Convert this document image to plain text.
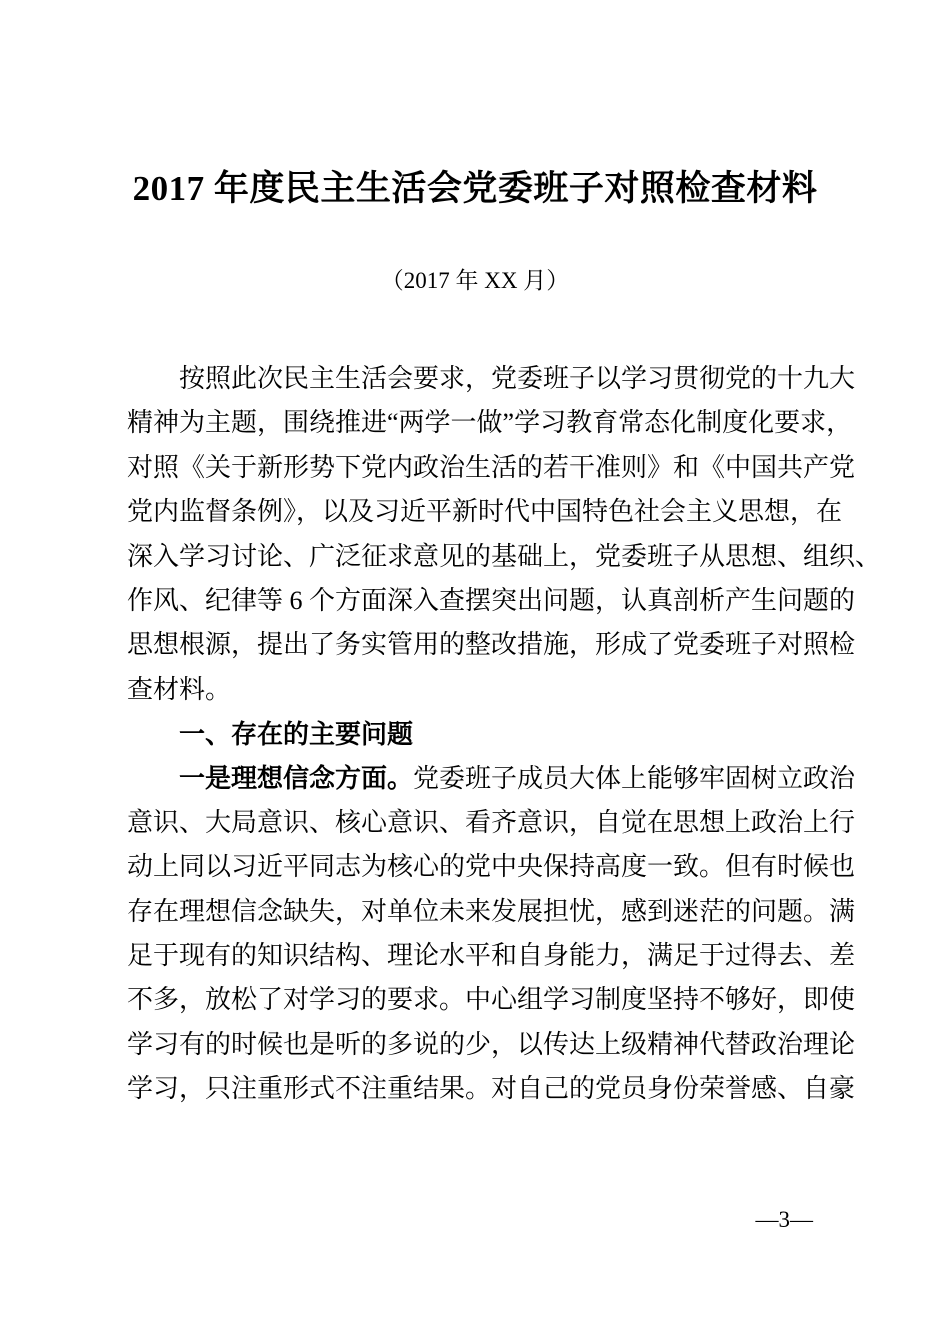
2017 年度民主生活会党委班子对照检查材料
（2017 年 XX 月）
按照此次民主生活会要求，党委班子以学习贯彻党的十九大
精神为主题，围绕推进“两学一做”学习教育常态化制度化要求，
对照《关于新形势下党内政治生活的若干准则》和《中国共产党
党内监督条例》，以及习近平新时代中国特色社会主义思想，在
深入学习讨论、广泛征求意见的基础上，党委班子从思想、组织、
作风、纪律等 6 个方面深入查摆突出问题，认真剖析产生问题的
思想根源，提出了务实管用的整改措施，形成了党委班子对照检
查材料。
一、存在的主要问题
一是理想信念方面。党委班子成员大体上能够牢固树立政治
意识、大局意识、核心意识、看齐意识，自觉在思想上政治上行
动上同以习近平同志为核心的党中央保持高度一致。但有时候也
存在理想信念缺失，对单位未来发展担忧，感到迷茫的问题。满
足于现有的知识结构、理论水平和自身能力，满足于过得去、差
不多，放松了对学习的要求。中心组学习制度坚持不够好，即使
学习有的时候也是听的多说的少，以传达上级精神代替政治理论
学习，只注重形式不注重结果。对自己的党员身份荣誉感、自豪
—3—
